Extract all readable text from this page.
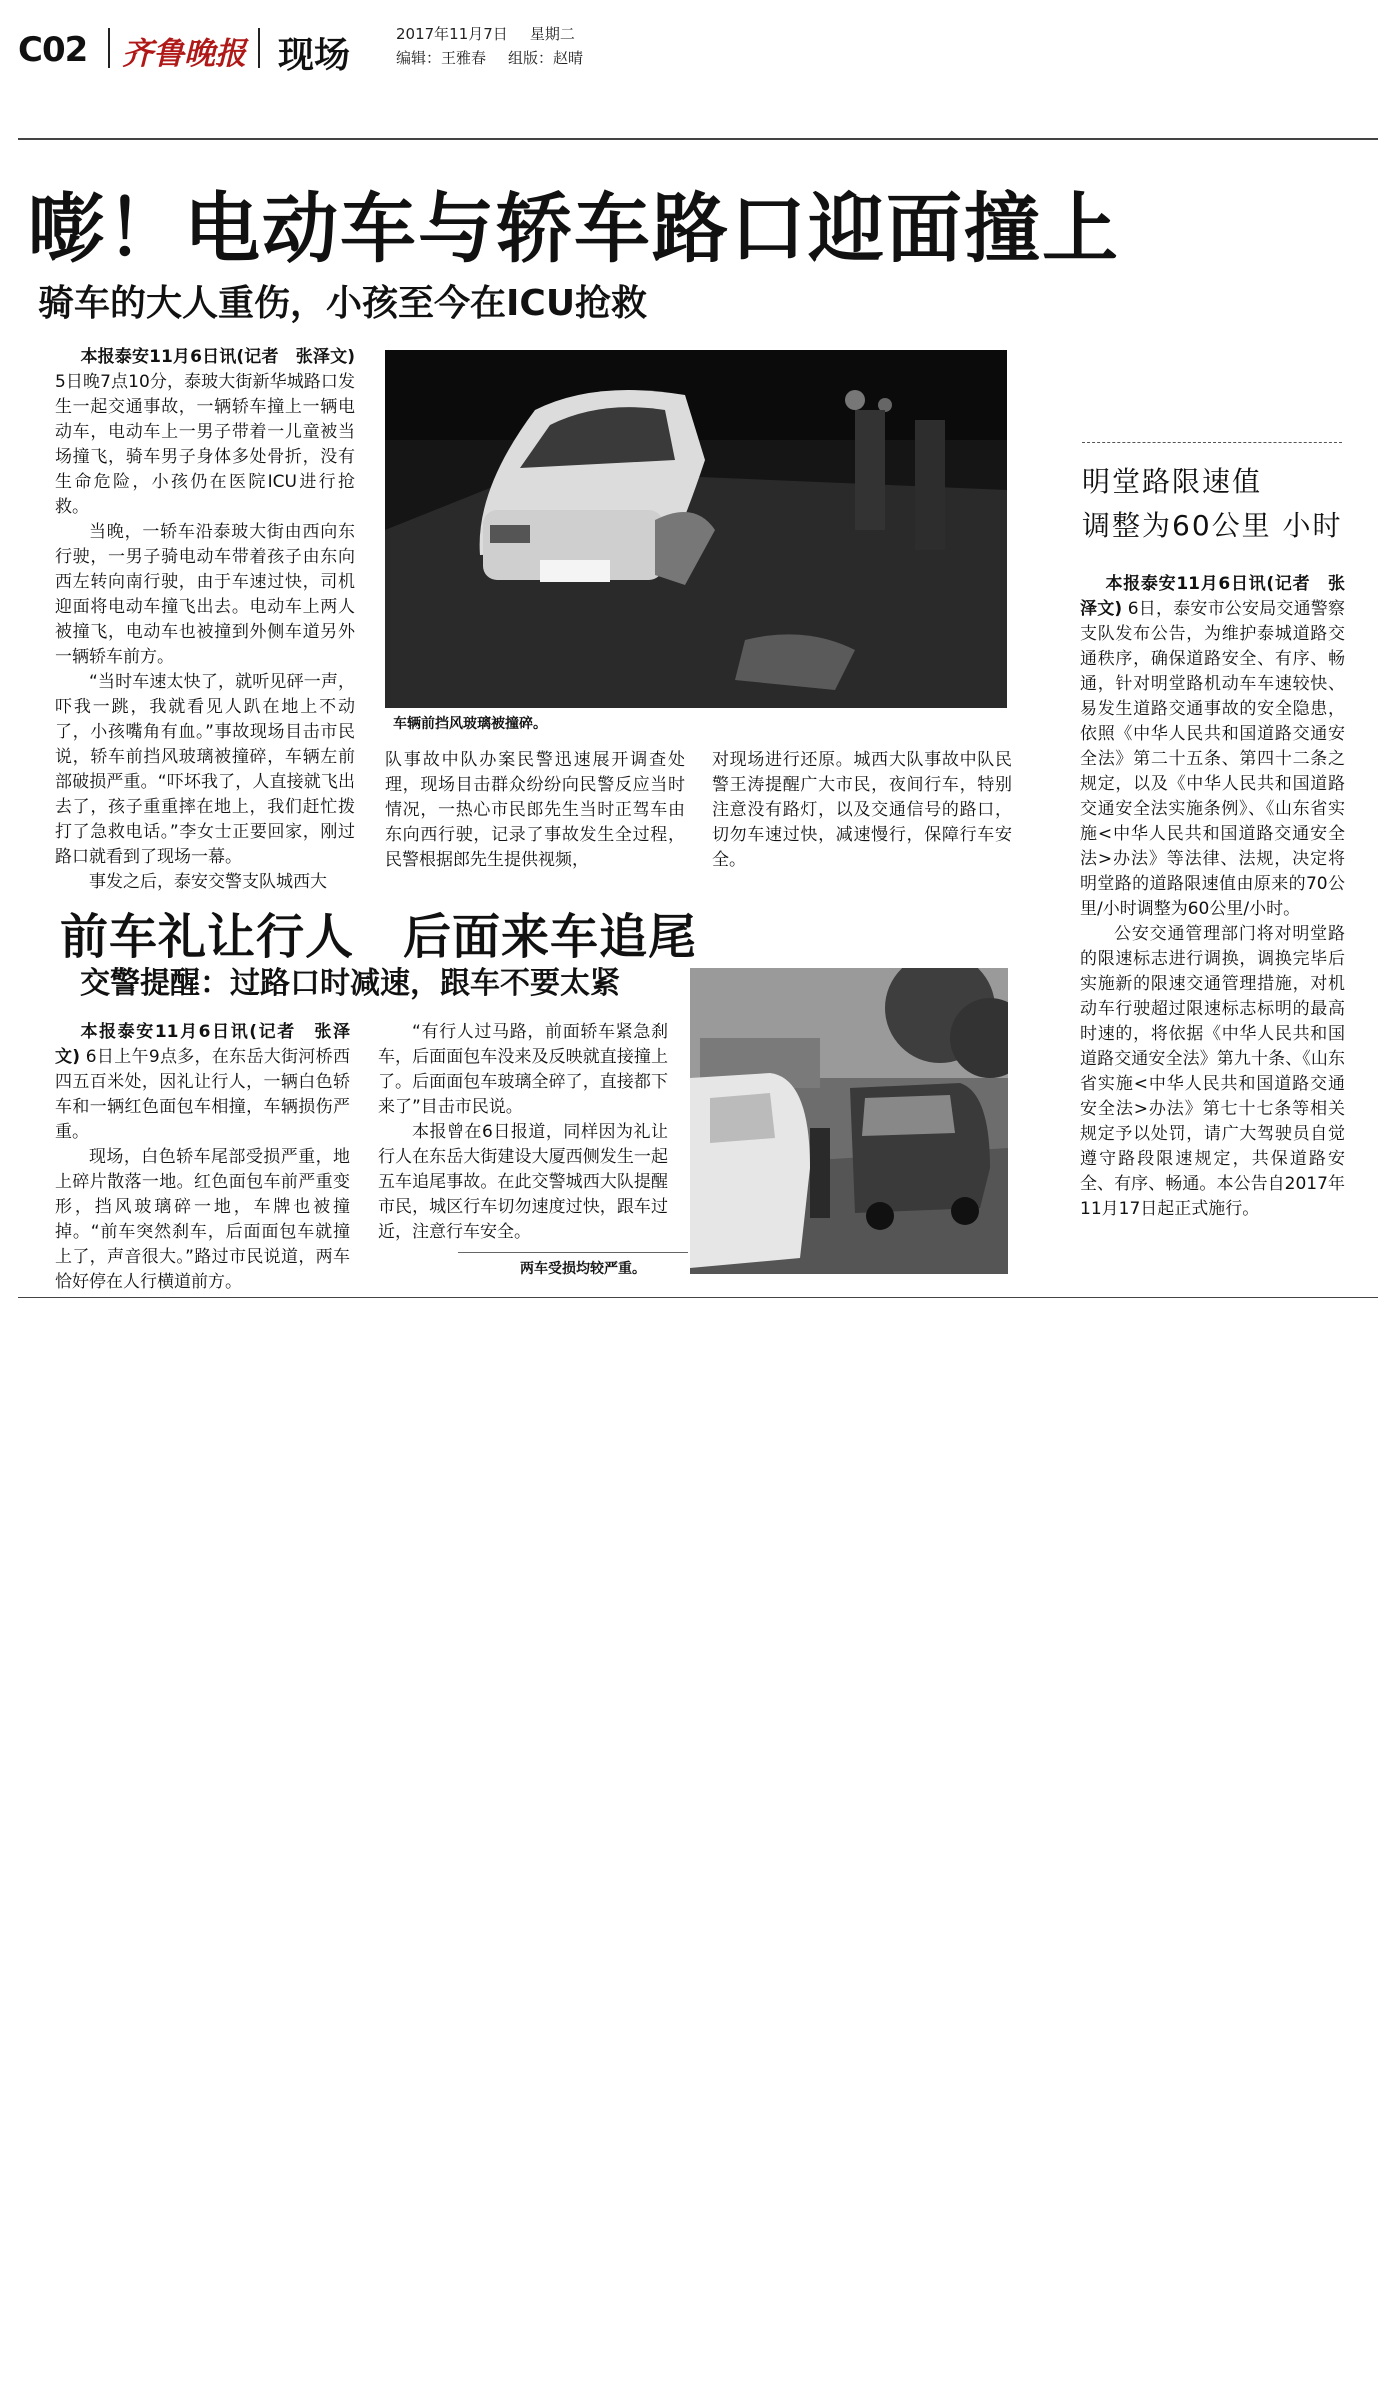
C02 齐鲁晚报 现场
2017年11月7日 星期二
编辑：王雅春 组版：赵晴
嘭！电动车与轿车路口迎面撞上
骑车的大人重伤，小孩至今在ICU抢救

本报泰安11月6日讯(记者　张泽文) 5日晚7点10分，泰玻大街新华城路口发生一起交通事故，一辆轿车撞上一辆电动车，电动车上一男子带着一儿童被当场撞飞，骑车男子身体多处骨折，没有生命危险，小孩仍在医院ICU进行抢救。

当晚，一轿车沿泰玻大街由西向东行驶，一男子骑电动车带着孩子由东向西左转向南行驶，由于车速过快，司机迎面将电动车撞飞出去。电动车上两人被撞飞，电动车也被撞到外侧车道另外一辆轿车前方。

“当时车速太快了，就听见砰一声，吓我一跳，我就看见人趴在地上不动了，小孩嘴角有血。”事故现场目击市民说，轿车前挡风玻璃被撞碎，车辆左前部破损严重。“吓坏我了，人直接就飞出去了，孩子重重摔在地上，我们赶忙拨打了急救电话。”李女士正要回家，刚过路口就看到了现场一幕。

事发之后，泰安交警支队城西大

车辆前挡风玻璃被撞碎。

队事故中队办案民警迅速展开调查处理，现场目击群众纷纷向民警反应当时情况，一热心市民郎先生当时正驾车由东向西行驶，记录了事故发生全过程，民警根据郎先生提供视频，

对现场进行还原。城西大队事故中队民警王涛提醒广大市民，夜间行车，特别注意没有路灯，以及交通信号的路口，切勿车速过快，减速慢行，保障行车安全。

前车礼让行人　后面来车追尾
交警提醒：过路口时减速，跟车不要太紧

本报泰安11月6日讯(记者　张泽文) 6日上午9点多，在东岳大街河桥西四五百米处，因礼让行人，一辆白色轿车和一辆红色面包车相撞，车辆损伤严重。

现场，白色轿车尾部受损严重，地上碎片散落一地。红色面包车前严重变形，挡风玻璃碎一地，车牌也被撞掉。“前车突然刹车，后面面包车就撞上了，声音很大。”路过市民说道，两车恰好停在人行横道前方。

“有行人过马路，前面轿车紧急刹车，后面面包车没来及反映就直接撞上了。后面面包车玻璃全碎了，直接都下来了”目击市民说。

本报曾在6日报道，同样因为礼让行人在东岳大街建设大厦西侧发生一起五车追尾事故。在此交警城西大队提醒市民，城区行车切勿速度过快，跟车过近，注意行车安全。

两车受损均较严重。
明堂路限速值
调整为60公里 小时

本报泰安11月6日讯(记者　张泽文) 6日，泰安市公安局交通警察支队发布公告，为维护泰城道路交通秩序，确保道路安全、有序、畅通，针对明堂路机动车车速较快、易发生道路交通事故的安全隐患，依照《中华人民共和国道路交通安全法》第二十五条、第四十二条之规定，以及《中华人民共和国道路交通安全法实施条例》、《山东省实施<中华人民共和国道路交通安全法>办法》等法律、法规，决定将明堂路的道路限速值由原来的70公里/小时调整为60公里/小时。

公安交通管理部门将对明堂路的限速标志进行调换，调换完毕后实施新的限速交通管理措施，对机动车行驶超过限速标志标明的最高时速的，将依据《中华人民共和国道路交通安全法》第九十条、《山东省实施<中华人民共和国道路交通安全法>办法》第七十七条等相关规定予以处罚，请广大驾驶员自觉遵守路段限速规定，共保道路安全、有序、畅通。本公告自2017年11月17日起正式施行。
